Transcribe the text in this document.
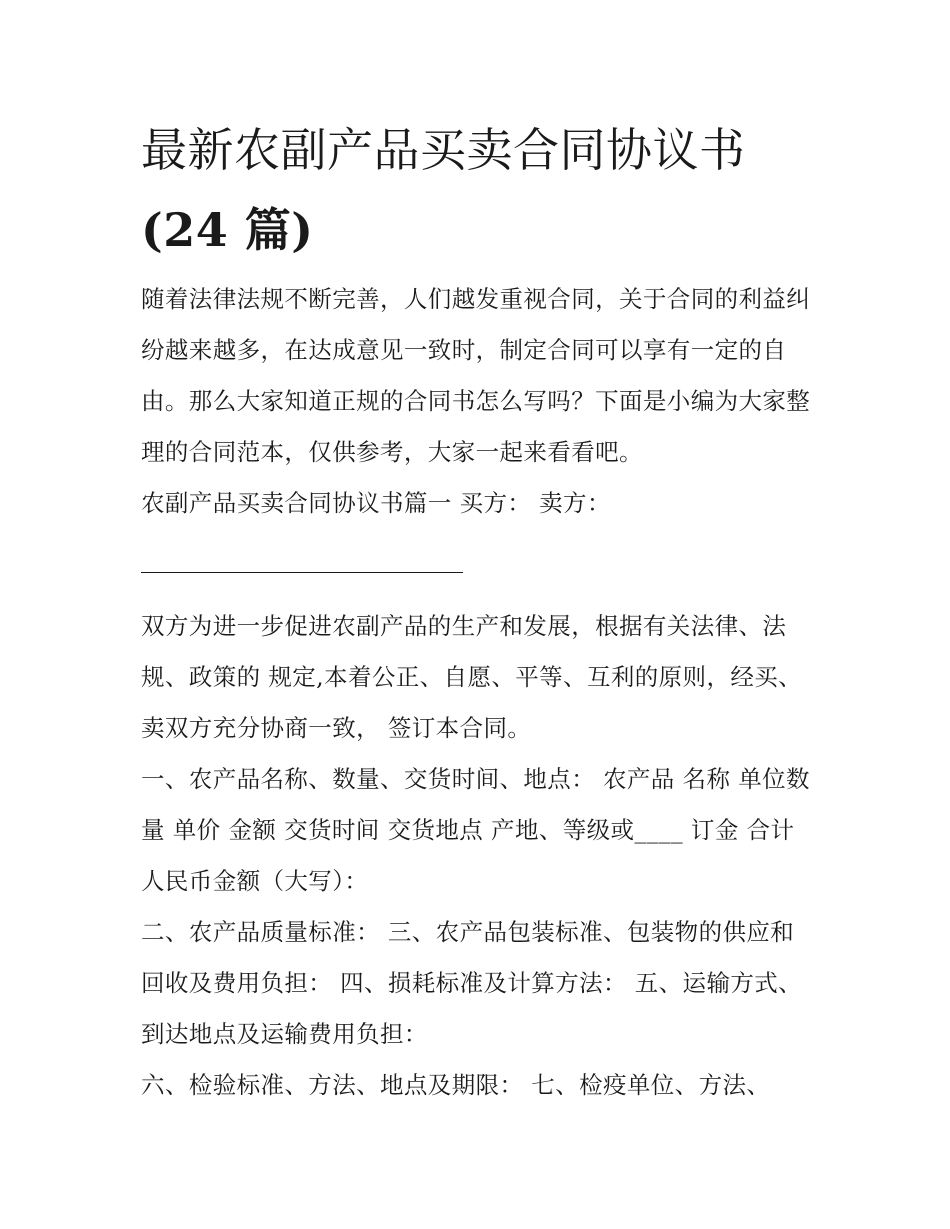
最新农副产品买卖合同协议书
(24 篇)

随着法律法规不断完善，人们越发重视合同，关于合同的利益纠纷越来越多，在达成意见一致时，制定合同可以享有一定的自由。那么大家知道正规的合同书怎么写吗？下面是小编为大家整理的合同范本，仅供参考，大家一起来看看吧。

农副产品买卖合同协议书篇一 买方： 卖方：

双方为进一步促进农副产品的生产和发展，根据有关法律、法规、政策的 规定,本着公正、自愿、平等、互利的原则，经买、卖双方充分协商一致， 签订本合同。

一、农产品名称、数量、交货时间、地点： 农产品 名称 单位数量 单价 金额 交货时间 交货地点 产地、等级或____ 订金 合计人民币金额（大写）：

二、农产品质量标准： 三、农产品包装标准、包装物的供应和回收及费用负担： 四、损耗标准及计算方法： 五、运输方式、到达地点及运输费用负担：

六、检验标准、方法、地点及期限： 七、检疫单位、方法、
